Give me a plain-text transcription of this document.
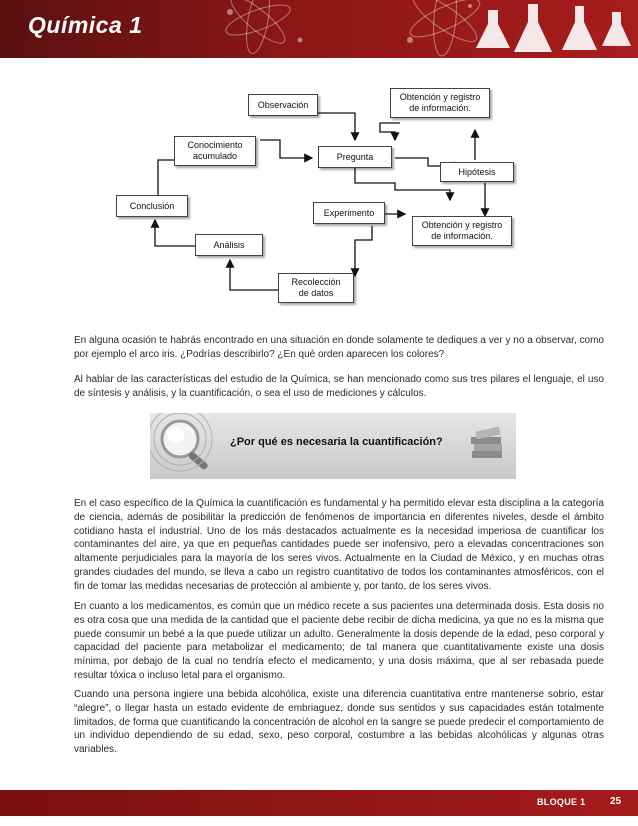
Química 1
Observación
Obtención y registro
de información.
Conocimiento
acumulado	Pregunta
Hipótesis
Conclusión
Experimento
Obtención y registro
de información.
Análisis
Recolección
de datos

En alguna ocasión te habrás encontrado en una situación en donde solamente te dediques a ver y no a observar, como por ejemplo el arco iris. ¿Podrías describirlo? ¿En qué orden aparecen los colores?

Al hablar de las características del estudio de la Química, se han mencionado como sus tres pilares el lenguaje, el uso de síntesis y análisis, y la cuantificación, o sea el uso de mediciones y cálculos.

¿Por qué es necesaria la cuantificación?

En el caso específico de la Química la cuantificación es fundamental y ha permitido elevar esta disciplina a la categoría de ciencia, además de posibilitar la predicción de fenómenos de importancia en diferentes niveles, desde el ámbito cotidiano hasta el industrial. Uno de los más destacados actualmente es la necesidad imperiosa de cuantificar los contaminantes del aire, ya que en pequeñas cantidades puede ser inofensivo, pero a elevadas concentraciones son altamente perjudiciales para la mayoría de los seres vivos. Actualmente en la Ciudad de México, y en muchas otras grandes ciudades del mundo, se lleva a cabo un registro cuantitativo de todos los contaminantes atmosféricos, con el fin de tomar las medidas necesarias de protección al ambiente y, por tanto, de los seres vivos.

En cuanto a los medicamentos, es común que un médico recete a sus pacientes una determinada dosis. Esta dosis no es otra cosa que una medida de la cantidad que el paciente debe recibir de dicha medicina, ya que no es la misma que puede consumir un bebé a la que puede utilizar un adulto. Generalmente la dosis depende de la edad, peso corporal y capacidad del paciente para metabolizar el medicamento; de tal manera que cuantitativamente existe una dosis mínima, por debajo de la cual no tendría efecto el medicamento, y una dosis máxima, que al ser rebasada puede resultar tóxica o incluso letal para el organismo.

Cuando una persona ingiere una bebida alcohólica, existe una diferencia cuantitativa entre mantenerse sobrio, estar “alegre”, o llegar hasta un estado evidente de embriaguez, donde sus sentidos y sus capacidades están totalmente limitados, de forma que cuantificando la concentración de alcohol en la sangre se puede predecir el comportamiento de un individuo dependiendo de su edad, sexo, peso corporal, costumbre a las bebidas alcohólicas y algunas otras variables.

BLOQUE 1 25
